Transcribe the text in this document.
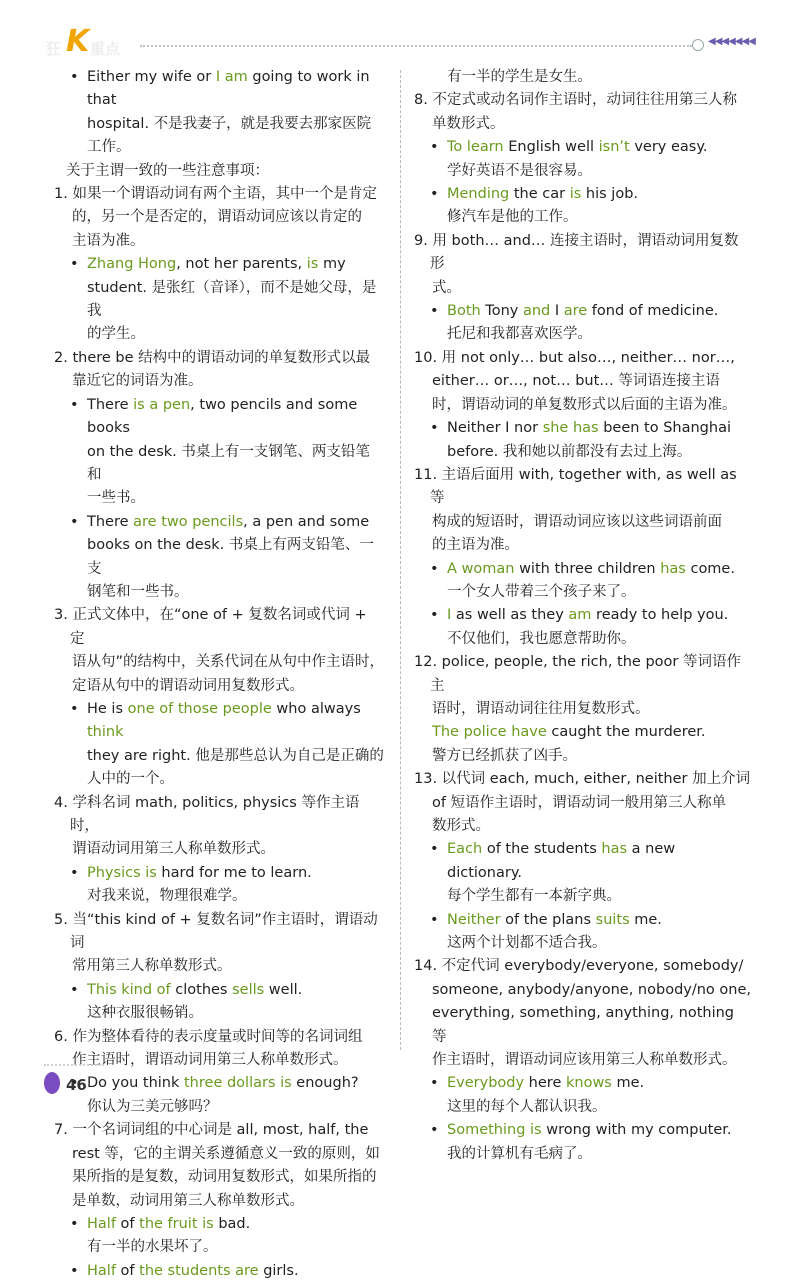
狂 K 重点	◀◀◀◀◀◀◀

• Either my wife or I am going to work in that

hospital. 不是我妻子，就是我要去那家医院

工作。

关于主谓一致的一些注意事项：

1. 如果一个谓语动词有两个主语，其中一个是肯定

的，另一个是否定的，谓语动词应该以肯定的

主语为准。

• Zhang Hong, not her parents, is my

student. 是张红（音译），而不是她父母，是我

的学生。

2. there be 结构中的谓语动词的单复数形式以最

靠近它的词语为准。

• There is a pen, two pencils and some books

on the desk. 书桌上有一支钢笔、两支铅笔和

一些书。

• There are two pencils, a pen and some

books on the desk. 书桌上有两支铅笔、一支

钢笔和一些书。

3. 正式文体中，在“one of + 复数名词或代词 + 定

语从句”的结构中，关系代词在从句中作主语时，

定语从句中的谓语动词用复数形式。

• He is one of those people who always think

they are right. 他是那些总认为自己是正确的

人中的一个。

4. 学科名词 math, politics, physics 等作主语时，

谓语动词用第三人称单数形式。

• Physics is hard for me to learn.

对我来说，物理很难学。

5. 当“this kind of + 复数名词”作主语时，谓语动词

常用第三人称单数形式。

• This kind of clothes sells well.

这种衣服很畅销。

6. 作为整体看待的表示度量或时间等的名词词组

作主语时，谓语动词用第三人称单数形式。

• Do you think three dollars is enough?

你认为三美元够吗？

7. 一个名词词组的中心词是 all, most, half, the

rest 等，它的主谓关系遵循意义一致的原则，如

果所指的是复数，动词用复数形式，如果所指的

是单数，动词用第三人称单数形式。

• Half of the fruit is bad.

有一半的水果坏了。

• Half of the students are girls.

有一半的学生是女生。

8. 不定式或动名词作主语时，动词往往用第三人称

单数形式。

• To learn English well isn’t very easy.

学好英语不是很容易。

• Mending the car is his job.

修汽车是他的工作。

9. 用 both… and… 连接主语时，谓语动词用复数形

式。

• Both Tony and I are fond of medicine.

托尼和我都喜欢医学。

10. 用 not only… but also…, neither… nor…,

either… or…, not… but… 等词语连接主语

时，谓语动词的单复数形式以后面的主语为准。

• Neither I nor she has been to Shanghai

before. 我和她以前都没有去过上海。

11. 主语后面用 with, together with, as well as 等

构成的短语时，谓语动词应该以这些词语前面

的主语为准。

• A woman with three children has come.

一个女人带着三个孩子来了。

• I as well as they am ready to help you.

不仅他们，我也愿意帮助你。

12. police, people, the rich, the poor 等词语作主

语时，谓语动词往往用复数形式。

The police have caught the murderer.

警方已经抓获了凶手。

13. 以代词 each, much, either, neither 加上介词

of 短语作主语时，谓语动词一般用第三人称单

数形式。

• Each of the students has a new dictionary.

每个学生都有一本新字典。

• Neither of the plans suits me.

这两个计划都不适合我。

14. 不定代词 everybody/everyone, somebody/

someone, anybody/anyone, nobody/no one,

everything, something, anything, nothing 等

作主语时，谓语动词应该用第三人称单数形式。

• Everybody here knows me.

这里的每个人都认识我。

• Something is wrong with my computer.

我的计算机有毛病了。

46
